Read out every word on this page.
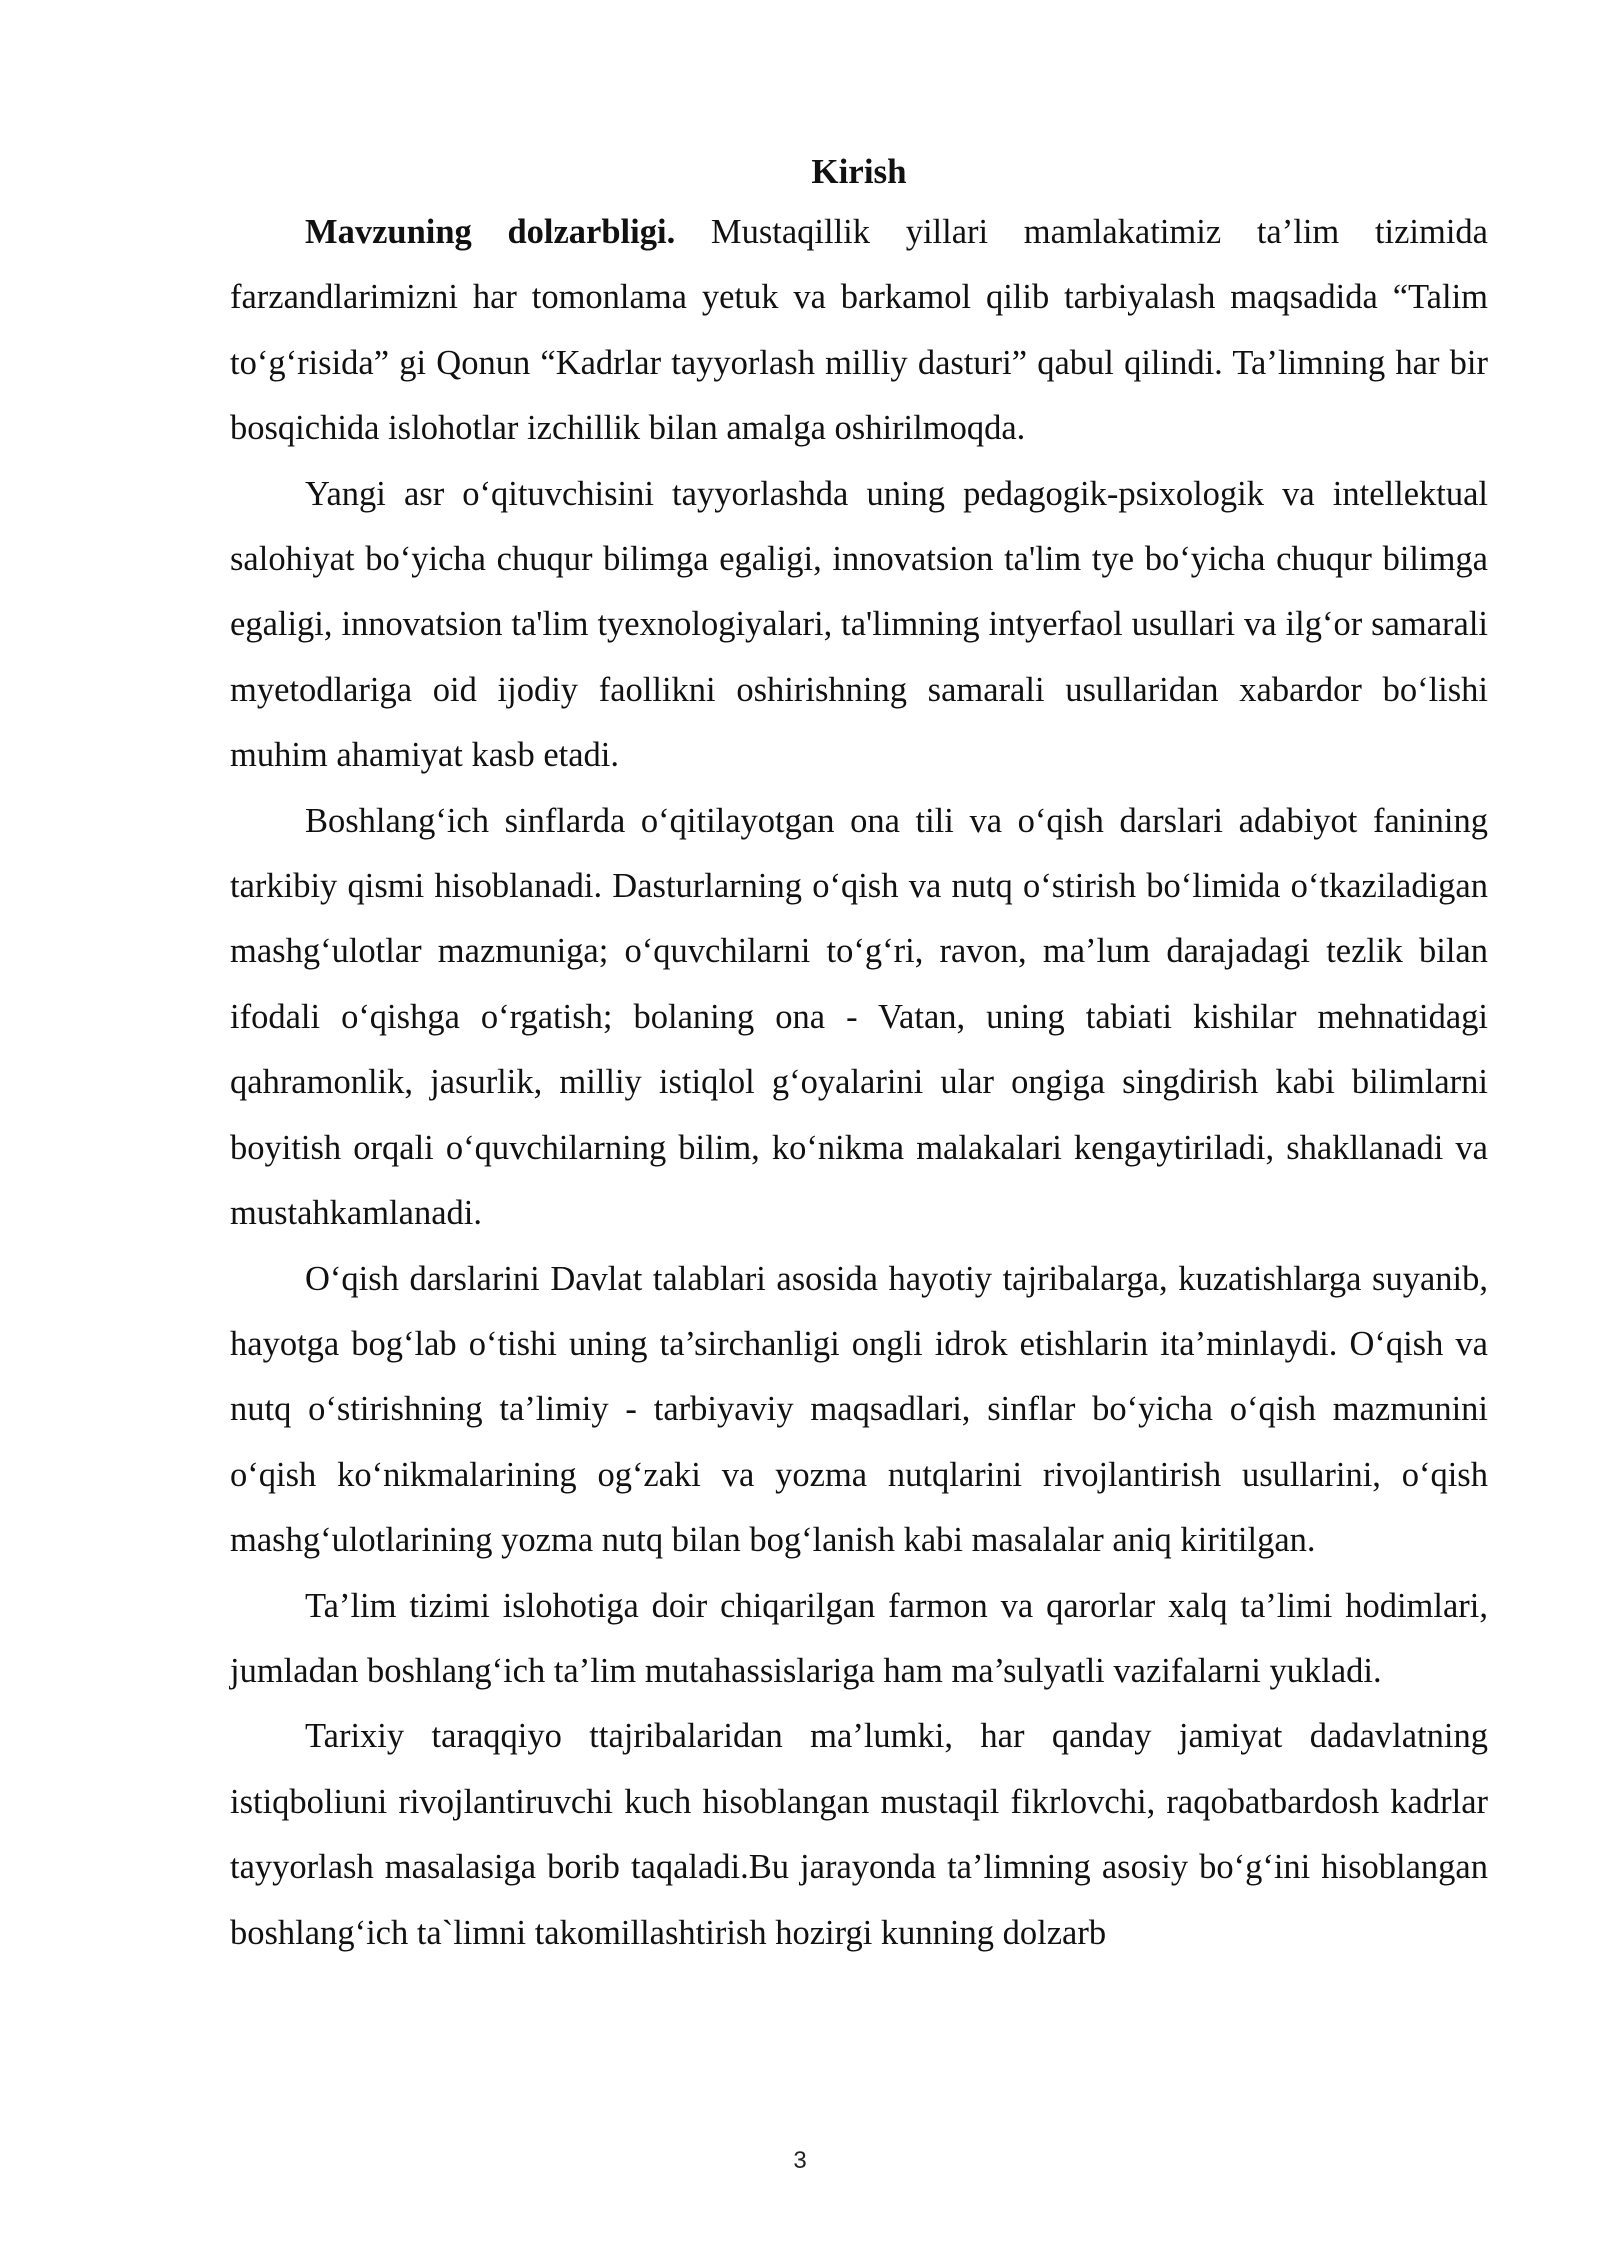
Kirish

Mavzuning dolzarbligi. Mustaqillik yillari mamlakatimiz ta’lim tizimida farzandlarimizni har tomonlama yetuk va barkamol qilib tarbiyalash maqsadida “Talim to‘g‘risida” gi Qonun “Kadrlar tayyorlash milliy dasturi” qabul qilindi. Ta’limning har bir bosqichida islohotlar izchillik bilan amalga oshirilmoqda.

Yangi asr o‘qituvchisini tayyorlashda uning pedagogik-psixologik va intellektual salohiyat bo‘yicha chuqur bilimga egaligi, innovatsion ta'lim tye bo‘yicha chuqur bilimga egaligi, innovatsion ta'lim tyexnologiyalari, ta'limning intyerfaol usullari va ilg‘or samarali myetodlariga oid ijodiy faollikni oshirishning samarali usullaridan xabardor bo‘lishi muhim ahamiyat kasb etadi.

Boshlang‘ich sinflarda o‘qitilayotgan ona tili va o‘qish darslari adabiyot fanining tarkibiy qismi hisoblanadi. Dasturlarning o‘qish va nutq o‘stirish bo‘limida o‘tkaziladigan mashg‘ulotlar mazmuniga; o‘quvchilarni to‘g‘ri, ravon, ma’lum darajadagi tezlik bilan ifodali o‘qishga o‘rgatish; bolaning ona - Vatan, uning tabiati kishilar mehnatidagi qahramonlik, jasurlik, milliy istiqlol g‘oyalarini ular ongiga singdirish kabi bilimlarni boyitish orqali o‘quvchilarning bilim, ko‘nikma malakalari kengaytiriladi, shakllanadi va mustahkamlanadi.

O‘qish darslarini Davlat talablari asosida hayotiy tajribalarga, kuzatishlarga suyanib, hayotga bog‘lab o‘tishi uning ta’sirchanligi ongli idrok etishlarin ita’minlaydi. O‘qish va nutq o‘stirishning ta’limiy - tarbiyaviy maqsadlari, sinflar bo‘yicha o‘qish mazmunini o‘qish ko‘nikmalarining og‘zaki va yozma nutqlarini rivojlantirish usullarini, o‘qish mashg‘ulotlarining yozma nutq bilan bog‘lanish kabi masalalar aniq kiritilgan.

Ta’lim tizimi islohotiga doir chiqarilgan farmon va qarorlar xalq ta’limi hodimlari, jumladan boshlang‘ich ta’lim mutahassislariga ham ma’sulyatli vazifalarni yukladi.

Tarixiy taraqqiyo ttajribalaridan ma’lumki, har qanday jamiyat dadavlatning istiqboliuni rivojlantiruvchi kuch hisoblangan mustaqil fikrlovchi, raqobatbardosh kadrlar tayyorlash masalasiga borib taqaladi.Bu jarayonda ta’limning asosiy bo‘g‘ini hisoblangan boshlang‘ich ta`limni takomillashtirish hozirgi kunning dolzarb

3
